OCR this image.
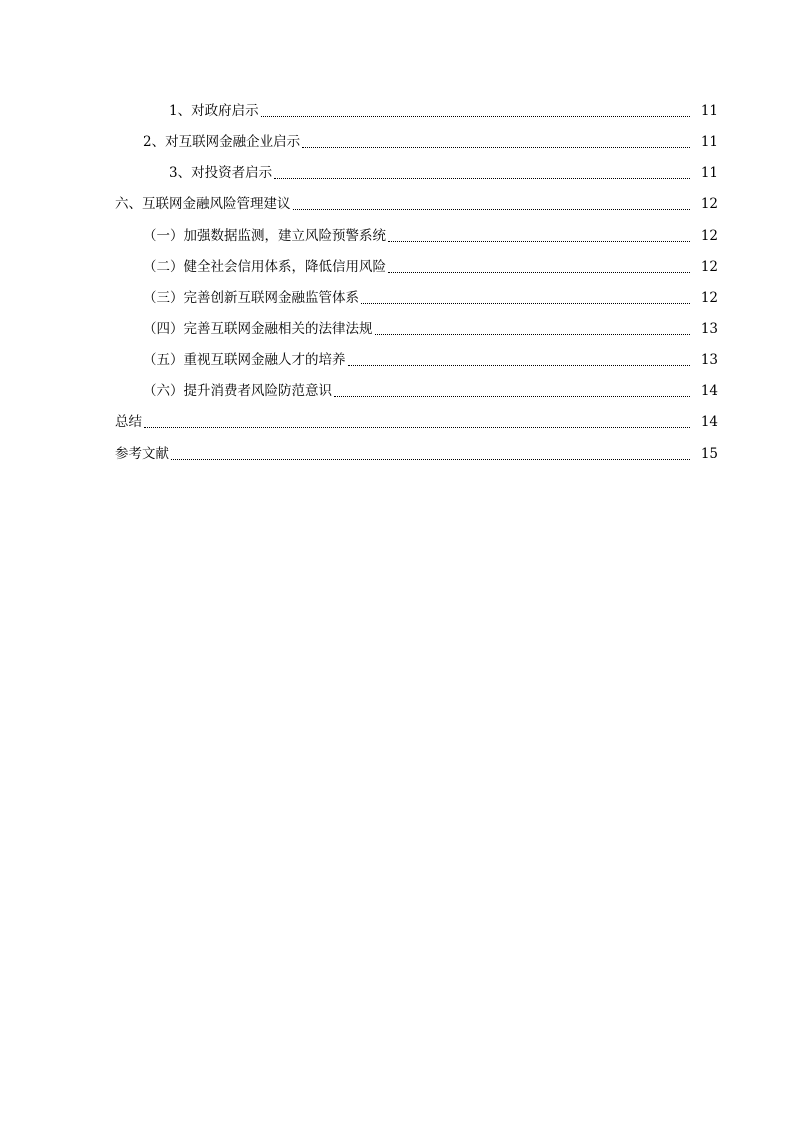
1、对政府启示	11
2、对互联网金融企业启示	11
3、对投资者启示	11
六、互联网金融风险管理建议	12
（一）加强数据监测，建立风险预警系统	12
（二）健全社会信用体系，降低信用风险	12
（三）完善创新互联网金融监管体系	12
（四）完善互联网金融相关的法律法规	13
（五）重视互联网金融人才的培养	13
（六）提升消费者风险防范意识	14
总结	14
参考文献	15
